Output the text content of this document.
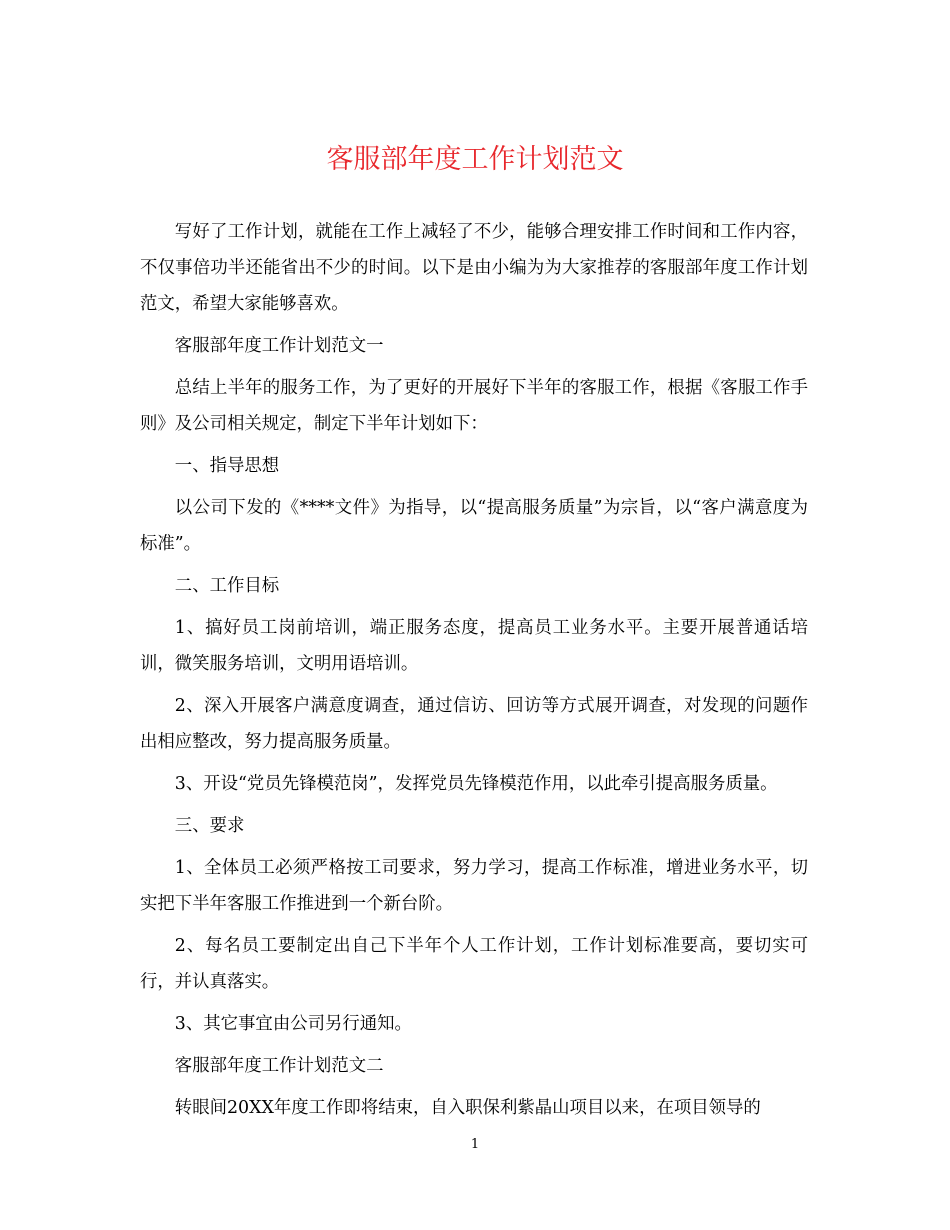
客服部年度工作计划范文

写好了工作计划，就能在工作上减轻了不少，能够合理安排工作时间和工作内容，不仅事倍功半还能省出不少的时间。以下是由小编为为大家推荐的客服部年度工作计划范文，希望大家能够喜欢。

客服部年度工作计划范文一

总结上半年的服务工作，为了更好的开展好下半年的客服工作，根据《客服工作手则》及公司相关规定，制定下半年计划如下：

一、指导思想

以公司下发的《****文件》为指导，以“提高服务质量”为宗旨，以“客户满意度为标准”。

二、工作目标

1、搞好员工岗前培训，端正服务态度，提高员工业务水平。主要开展普通话培训，微笑服务培训，文明用语培训。

2、深入开展客户满意度调查，通过信访、回访等方式展开调查，对发现的问题作出相应整改，努力提高服务质量。

3、开设“党员先锋模范岗”，发挥党员先锋模范作用，以此牵引提高服务质量。

三、要求

1、全体员工必须严格按工司要求，努力学习，提高工作标准，增进业务水平，切实把下半年客服工作推进到一个新台阶。

2、每名员工要制定出自己下半年个人工作计划，工作计划标准要高，要切实可行，并认真落实。

3、其它事宜由公司另行通知。

客服部年度工作计划范文二

转眼间20XX年度工作即将结束，自入职保利紫晶山项目以来，在项目领导的

1
